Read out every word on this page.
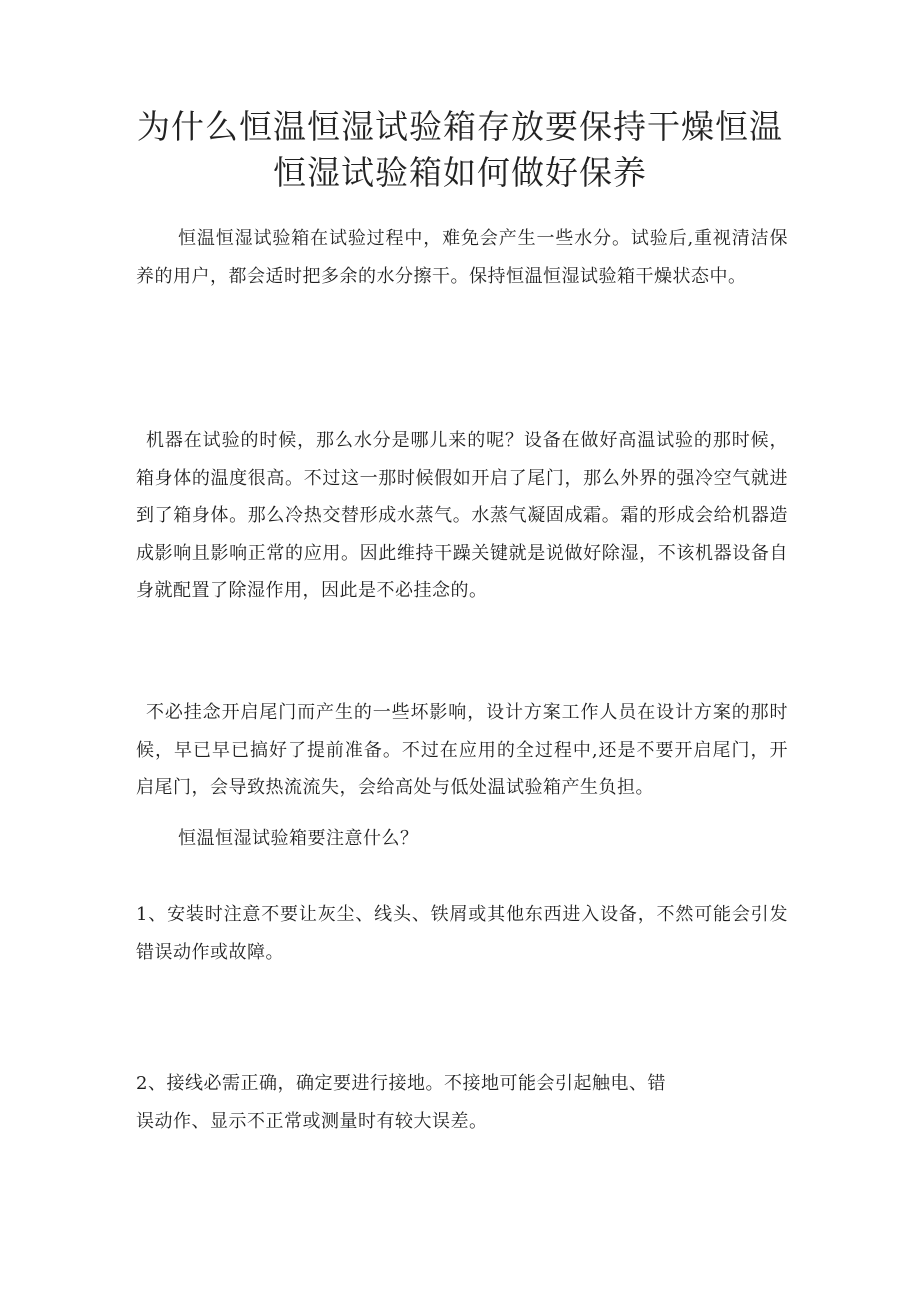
为什么恒温恒湿试验箱存放要保持干燥恒温恒湿试验箱如何做好保养

恒温恒湿试验箱在试验过程中，难免会产生一些水分。试验后,重视清洁保养的用户，都会适时把多余的水分擦干。保持恒温恒湿试验箱干燥状态中。

机器在试验的时候，那么水分是哪儿来的呢？设备在做好高温试验的那时候，箱身体的温度很高。不过这一那时候假如开启了尾门，那么外界的强冷空气就进到了箱身体。那么冷热交替形成水蒸气。水蒸气凝固成霜。霜的形成会给机器造成影响且影响正常的应用。因此维持干躁关键就是说做好除湿，不该机器设备自身就配置了除湿作用，因此是不必挂念的。

不必挂念开启尾门而产生的一些坏影响，设计方案工作人员在设计方案的那时候，早已早已搞好了提前准备。不过在应用的全过程中,还是不要开启尾门，开启尾门，会导致热流流失，会给高处与低处温试验箱产生负担。

恒温恒湿试验箱要注意什么？

1、安装时注意不要让灰尘、线头、铁屑或其他东西进入设备，不然可能会引发错误动作或故障。

2、接线必需正确，确定要进行接地。不接地可能会引起触电、错
误动作、显示不正常或测量时有较大误差。
